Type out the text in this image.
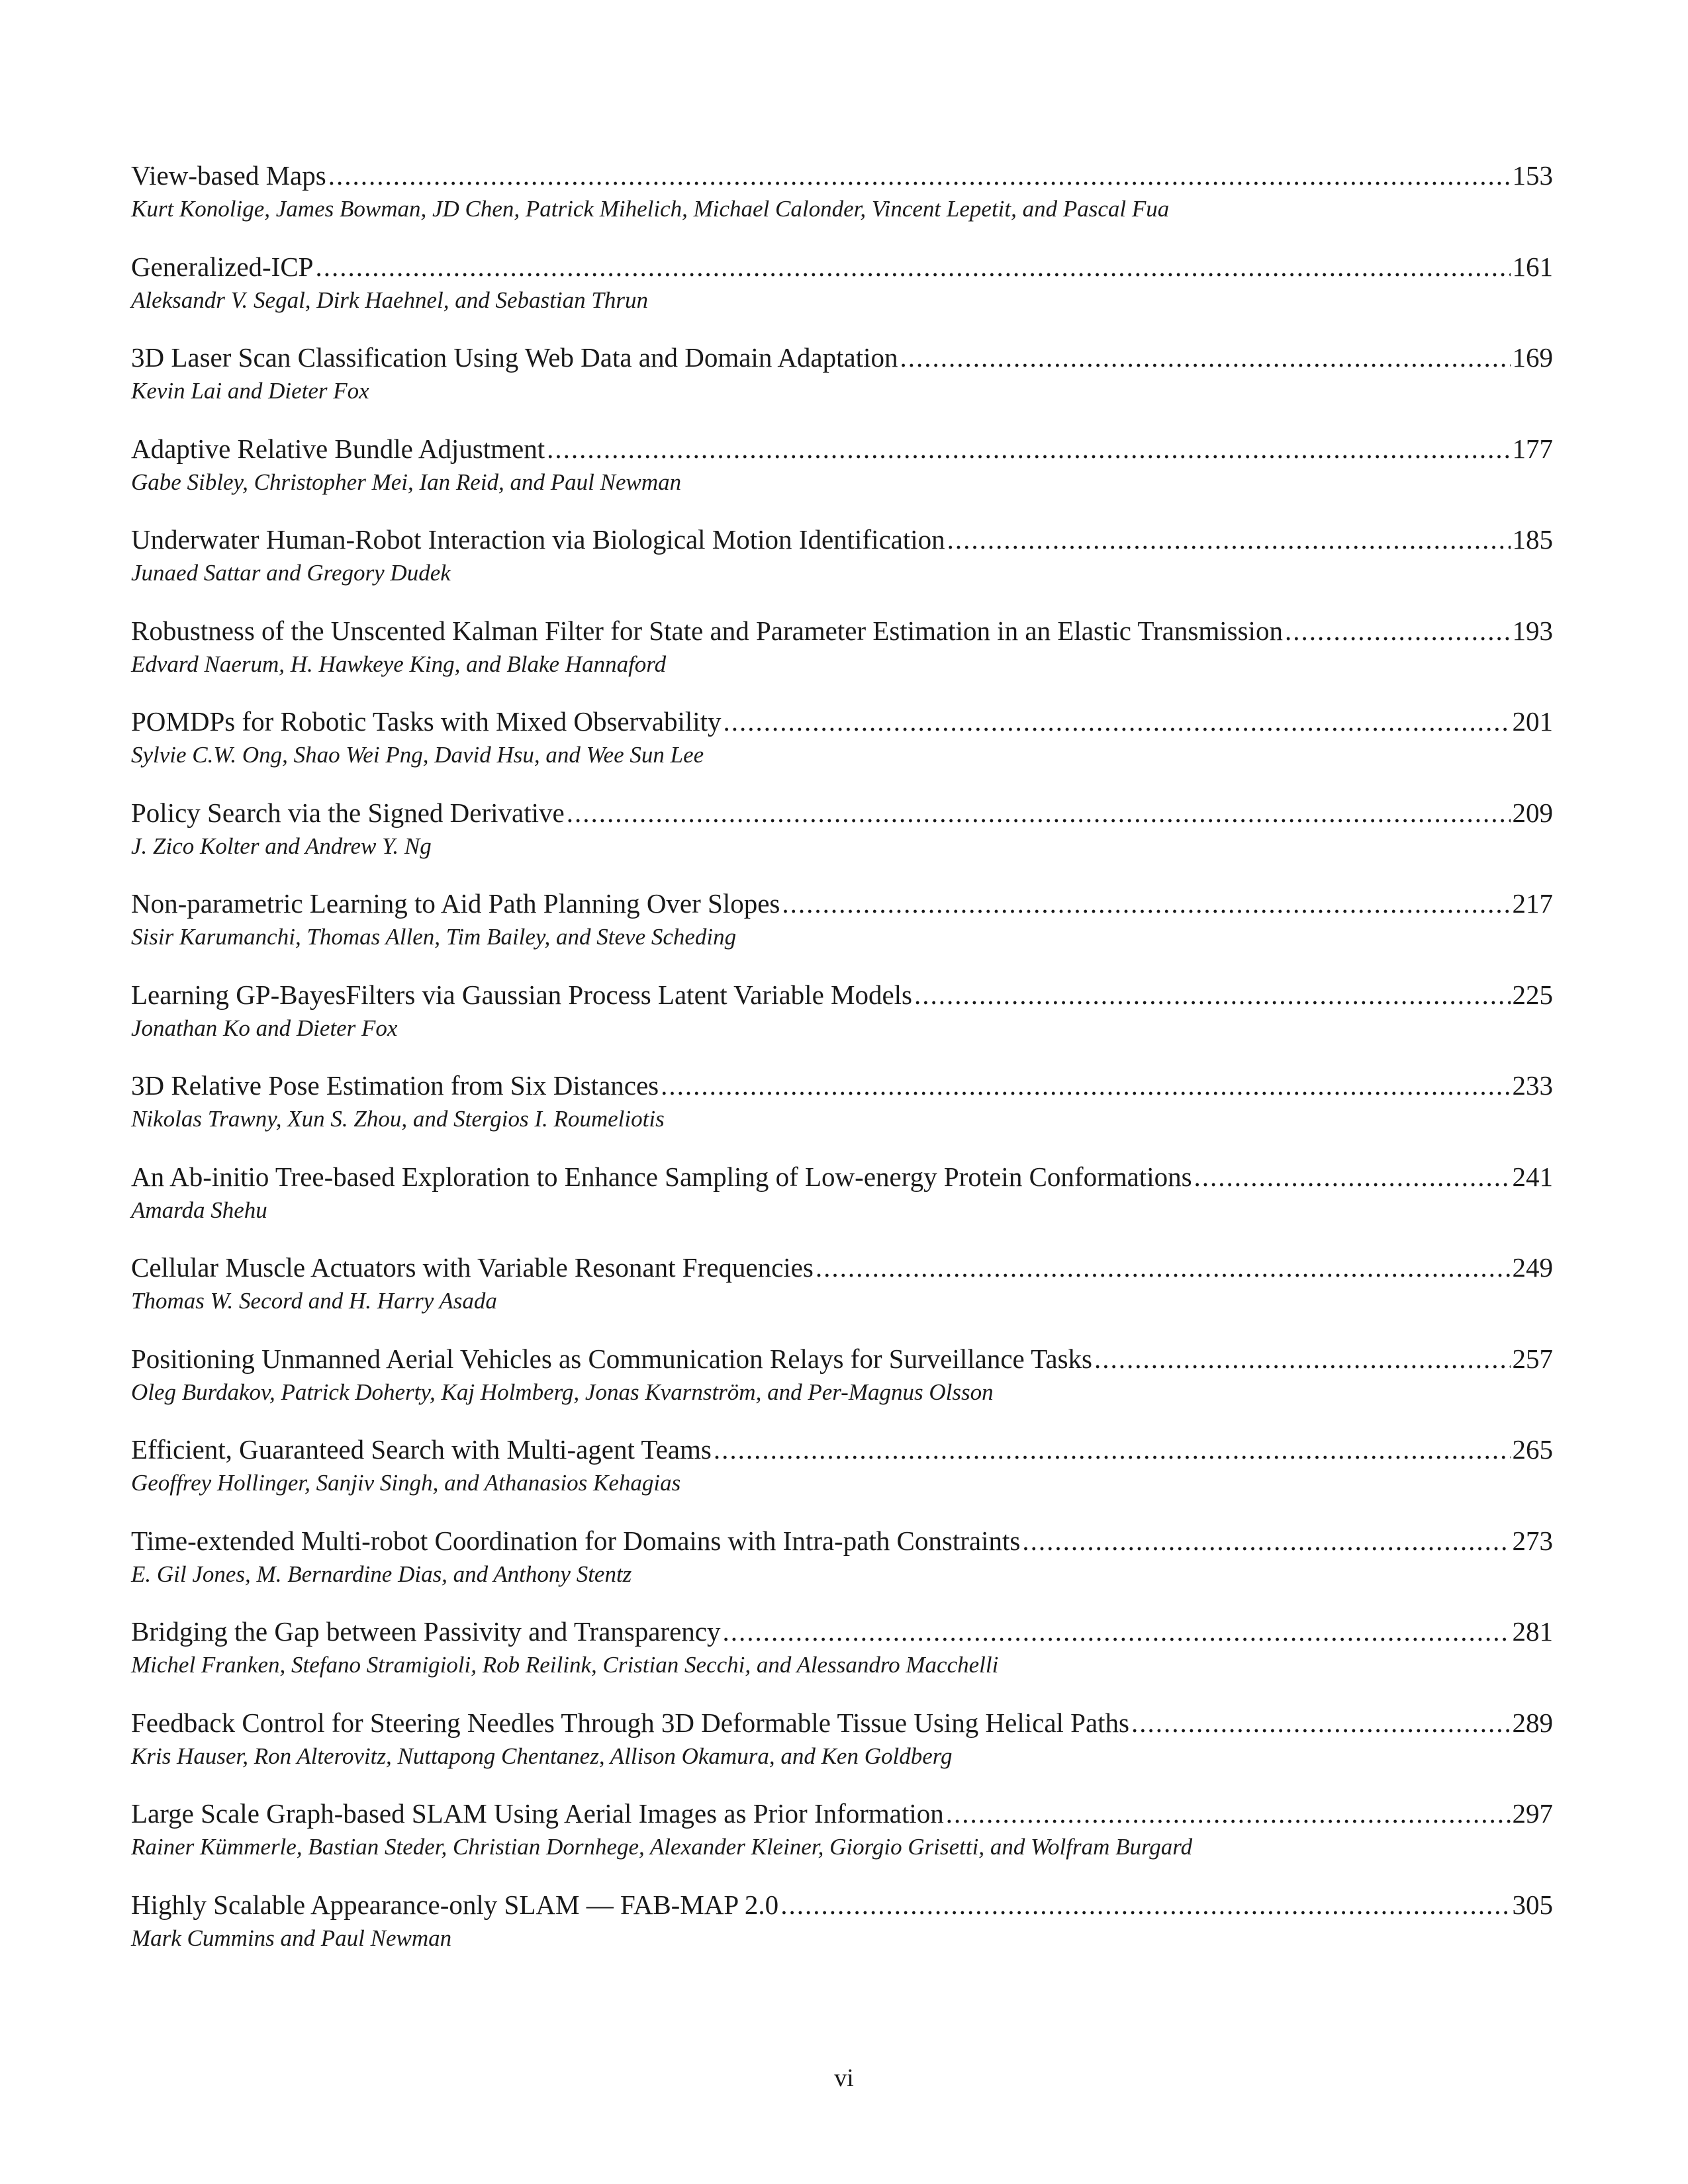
View-based Maps .....	153
Kurt Konolige, James Bowman, JD Chen, Patrick Mihelich, Michael Calonder, Vincent Lepetit, and Pascal Fua
Generalized-ICP .....	161
Aleksandr V. Segal, Dirk Haehnel, and Sebastian Thrun
3D Laser Scan Classification Using Web Data and Domain Adaptation .....	169
Kevin Lai and Dieter Fox
Adaptive Relative Bundle Adjustment .....	177
Gabe Sibley, Christopher Mei, Ian Reid, and Paul Newman
Underwater Human-Robot Interaction via Biological Motion Identification .....	185
Junaed Sattar and Gregory Dudek
Robustness of the Unscented Kalman Filter for State and Parameter Estimation in an Elastic Transmission .....	193
Edvard Naerum, H. Hawkeye King, and Blake Hannaford
POMDPs for Robotic Tasks with Mixed Observability .....	201
Sylvie C.W. Ong, Shao Wei Png, David Hsu, and Wee Sun Lee
Policy Search via the Signed Derivative .....	209
J. Zico Kolter and Andrew Y. Ng
Non-parametric Learning to Aid Path Planning Over Slopes .....	217
Sisir Karumanchi, Thomas Allen, Tim Bailey, and Steve Scheding
Learning GP-BayesFilters via Gaussian Process Latent Variable Models .....	225
Jonathan Ko and Dieter Fox
3D Relative Pose Estimation from Six Distances .....	233
Nikolas Trawny, Xun S. Zhou, and Stergios I. Roumeliotis
An Ab-initio Tree-based Exploration to Enhance Sampling of Low-energy Protein Conformations .....	241
Amarda Shehu
Cellular Muscle Actuators with Variable Resonant Frequencies .....	249
Thomas W. Secord and H. Harry Asada
Positioning Unmanned Aerial Vehicles as Communication Relays for Surveillance Tasks .....	257
Oleg Burdakov, Patrick Doherty, Kaj Holmberg, Jonas Kvarnström, and Per-Magnus Olsson
Efficient, Guaranteed Search with Multi-agent Teams .....	265
Geoffrey Hollinger, Sanjiv Singh, and Athanasios Kehagias
Time-extended Multi-robot Coordination for Domains with Intra-path Constraints .....	273
E. Gil Jones, M. Bernardine Dias, and Anthony Stentz
Bridging the Gap between Passivity and Transparency .....	281
Michel Franken, Stefano Stramigioli, Rob Reilink, Cristian Secchi, and Alessandro Macchelli
Feedback Control for Steering Needles Through 3D Deformable Tissue Using Helical Paths .....	289
Kris Hauser, Ron Alterovitz, Nuttapong Chentanez, Allison Okamura, and Ken Goldberg
Large Scale Graph-based SLAM Using Aerial Images as Prior Information .....	297
Rainer Kümmerle, Bastian Steder, Christian Dornhege, Alexander Kleiner, Giorgio Grisetti, and Wolfram Burgard
Highly Scalable Appearance-only SLAM — FAB-MAP 2.0 .....	305
Mark Cummins and Paul Newman
vi
